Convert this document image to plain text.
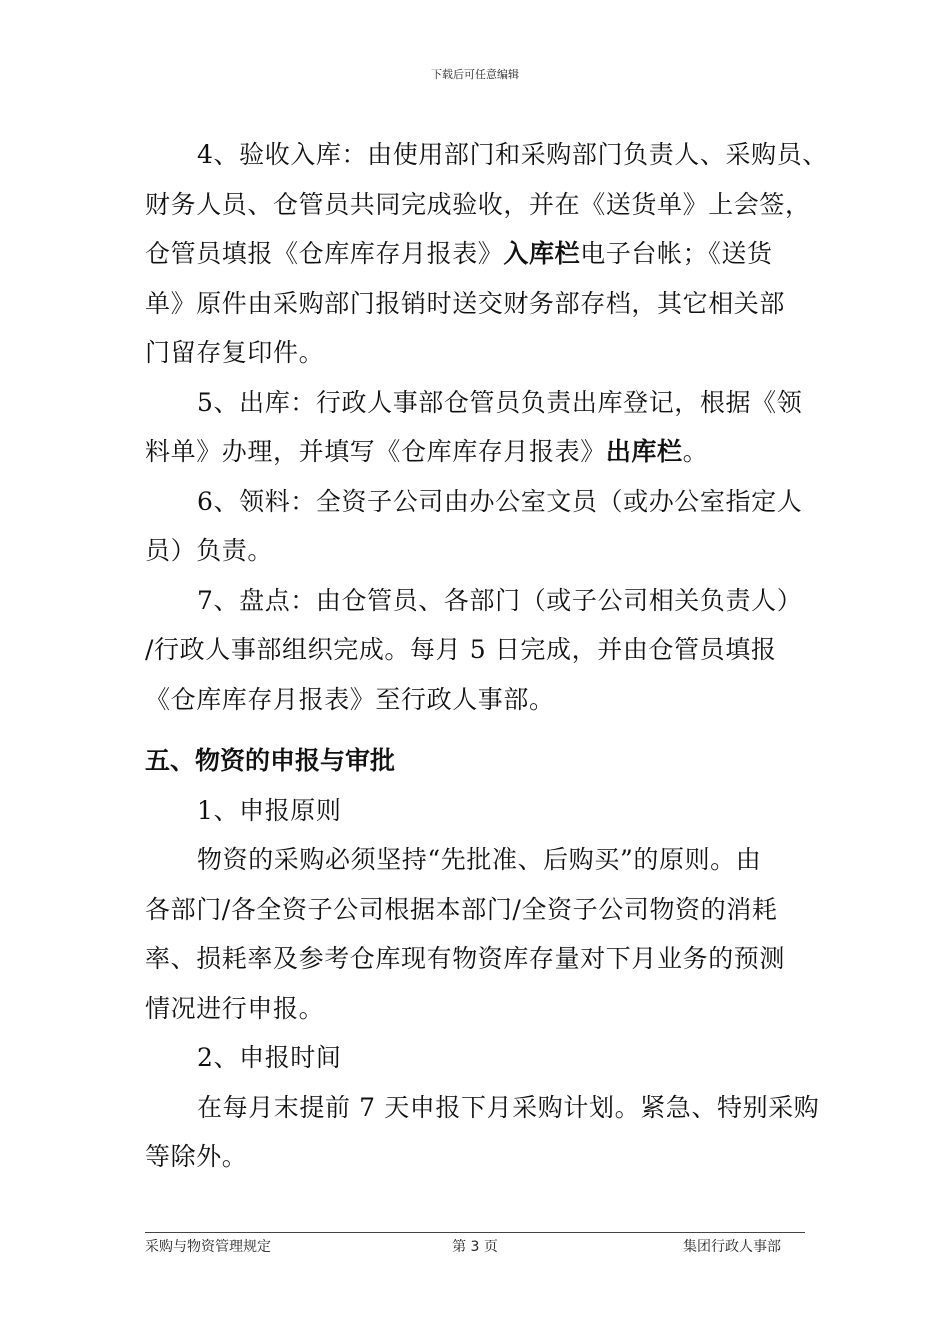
下载后可任意编辑
4、验收入库：由使用部门和采购部门负责人、采购员、
财务人员、仓管员共同完成验收，并在《送货单》上会签，
仓管员填报《仓库库存月报表》入库栏电子台帐；《送货
单》原件由采购部门报销时送交财务部存档，其它相关部
门留存复印件。
5、出库：行政人事部仓管员负责出库登记，根据《领
料单》办理，并填写《仓库库存月报表》出库栏。
6、领料：全资子公司由办公室文员（或办公室指定人
员）负责。
7、盘点：由仓管员、各部门（或子公司相关负责人）
/行政人事部组织完成。每月 5 日完成，并由仓管员填报
《仓库库存月报表》至行政人事部。
五、物资的申报与审批
1、申报原则
物资的采购必须坚持“先批准、后购买”的原则。由
各部门/各全资子公司根据本部门/全资子公司物资的消耗
率、损耗率及参考仓库现有物资库存量对下月业务的预测
情况进行申报。
2、申报时间
在每月末提前 7 天申报下月采购计划。紧急、特别采购
等除外。
采购与物资管理规定	第 3 页	集团行政人事部
